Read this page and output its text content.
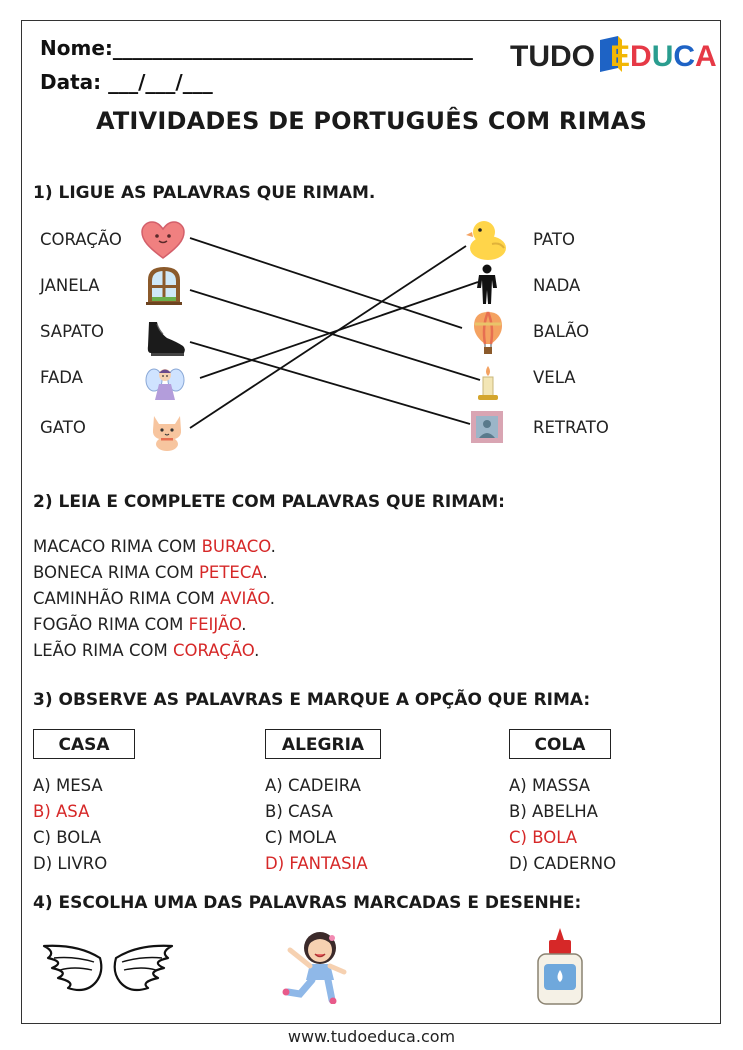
Nome:____________________________________
Data: ___/___/___
TUDO EDUCA
ATIVIDADES DE PORTUGUÊS COM RIMAS
1) LIGUE AS PALAVRAS QUE RIMAM.
CORAÇÃO
JANELA
SAPATO
FADA
GATO
PATO
NADA
BALÃO
VELA
RETRATO
2) LEIA E COMPLETE COM PALAVRAS QUE RIMAM:
MACACO RIMA COM BURACO.
BONECA RIMA COM PETECA.
CAMINHÃO RIMA COM AVIÃO.
FOGÃO RIMA COM FEIJÃO.
LEÃO RIMA COM CORAÇÃO.
3) OBSERVE AS PALAVRAS E MARQUE A OPÇÃO QUE RIMA:
CASA	ALEGRIA	COLA
A) MESA
B) ASA
C) BOLA
D) LIVRO
A) CADEIRA
B) CASA
C) MOLA
D) FANTASIA
A) MASSA
B) ABELHA
C) BOLA
D) CADERNO
4) ESCOLHA UMA DAS PALAVRAS MARCADAS E DESENHE:
www.tudoeduca.com
